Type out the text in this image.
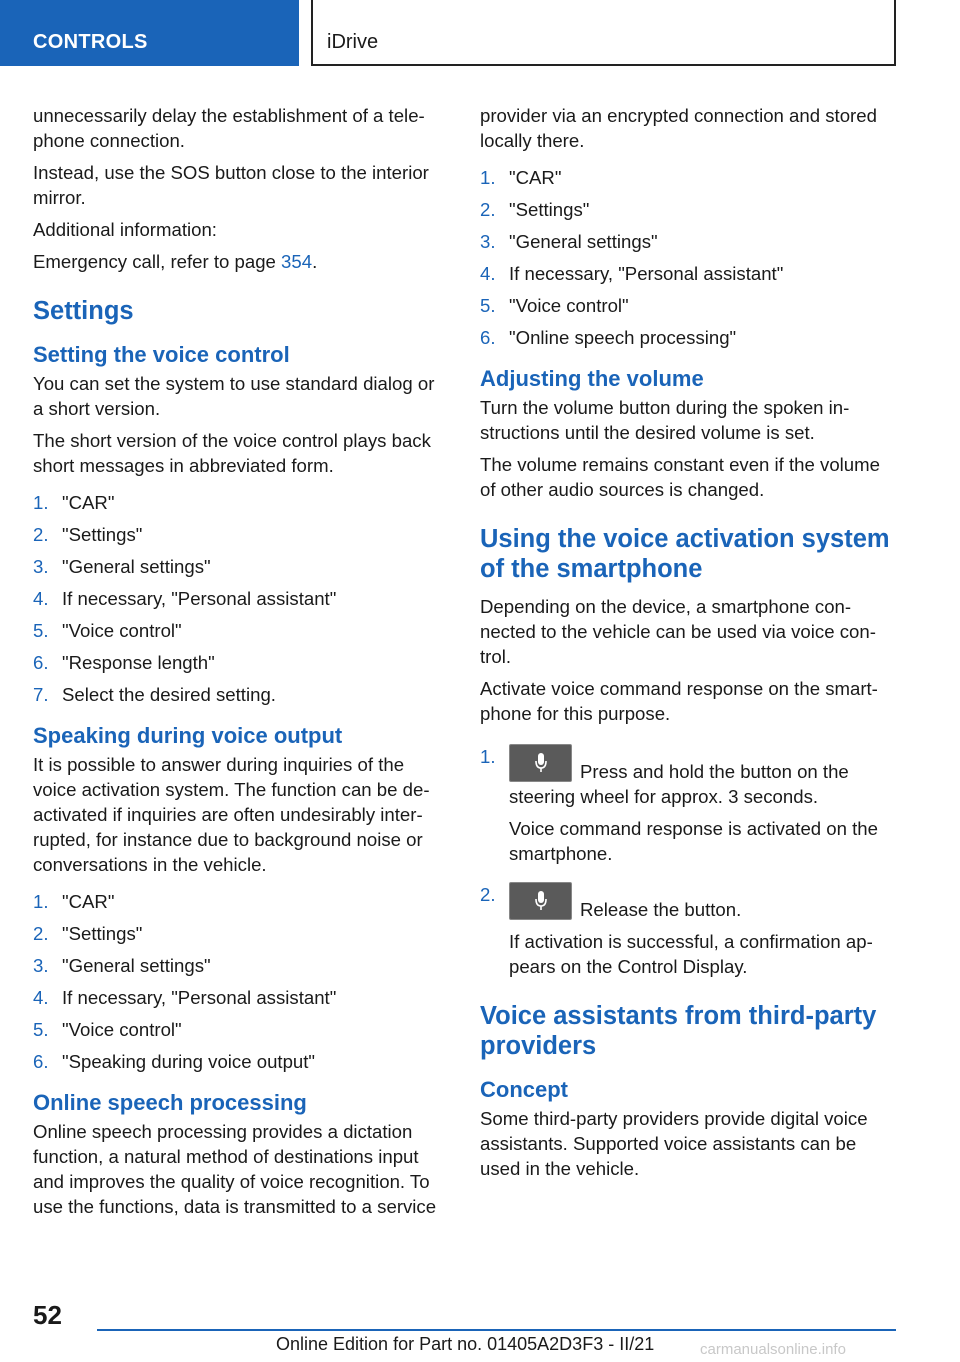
CONTROLS	iDrive

unnecessarily delay the establishment of a tele‐phone connection.

Instead, use the SOS button close to the interior mirror.

Additional information:

Emergency call, refer to page 354.

Settings
Setting the voice control

You can set the system to use standard dialog or a short version.

The short version of the voice control plays back short messages in abbreviated form.

1. "CAR"
2. "Settings"
3. "General settings"
4. If necessary, "Personal assistant"
5. "Voice control"
6. "Response length"
7. Select the desired setting.
Speaking during voice output

It is possible to answer during inquiries of the voice activation system. The function can be de‐activated if inquiries are often undesirably inter‐rupted, for instance due to background noise or conversations in the vehicle.

1. "CAR"
2. "Settings"
3. "General settings"
4. If necessary, "Personal assistant"
5. "Voice control"
6. "Speaking during voice output"
Online speech processing

Online speech processing provides a dictation function, a natural method of destinations input and improves the quality of voice recognition. To use the functions, data is transmitted to a service

provider via an encrypted connection and stored locally there.

1. "CAR"
2. "Settings"
3. "General settings"
4. If necessary, "Personal assistant"
5. "Voice control"
6. "Online speech processing"
Adjusting the volume

Turn the volume button during the spoken in‐structions until the desired volume is set.

The volume remains constant even if the volume of other audio sources is changed.

Using the voice activation system of the smartphone

Depending on the device, a smartphone con‐nected to the vehicle can be used via voice con‐trol.

Activate voice command response on the smart‐phone for this purpose.

1.
Press and hold the button on the steering wheel for approx. 3 seconds.
Voice command response is activated on the smartphone.
2.
Release the button.
If activation is successful, a confirmation ap‐pears on the Control Display.
Voice assistants from third-party providers
Concept

Some third-party providers provide digital voice assistants. Supported voice assistants can be used in the vehicle.

52
Online Edition for Part no. 01405A2D3F3 - II/21	carmanualsonline.info
